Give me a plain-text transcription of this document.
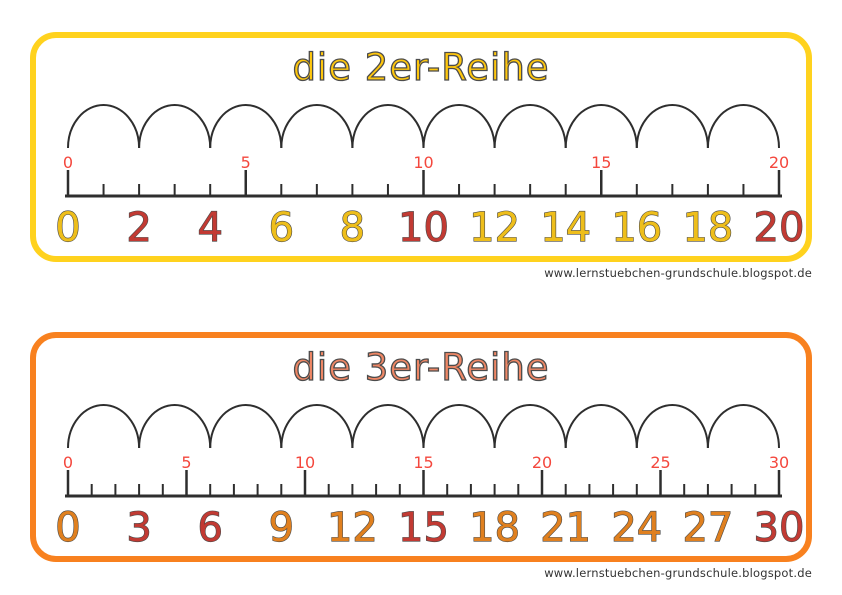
0	5	10	15	20
0 2 4 6 8 10 12 14 16 18 20
die 2er-Reihe
www.lernstuebchen-grundschule.blogspot.de
0	5	10	15	20	25	30
0 3 6 9 12 15 18 21 24 27 30
die 3er-Reihe
www.lernstuebchen-grundschule.blogspot.de
